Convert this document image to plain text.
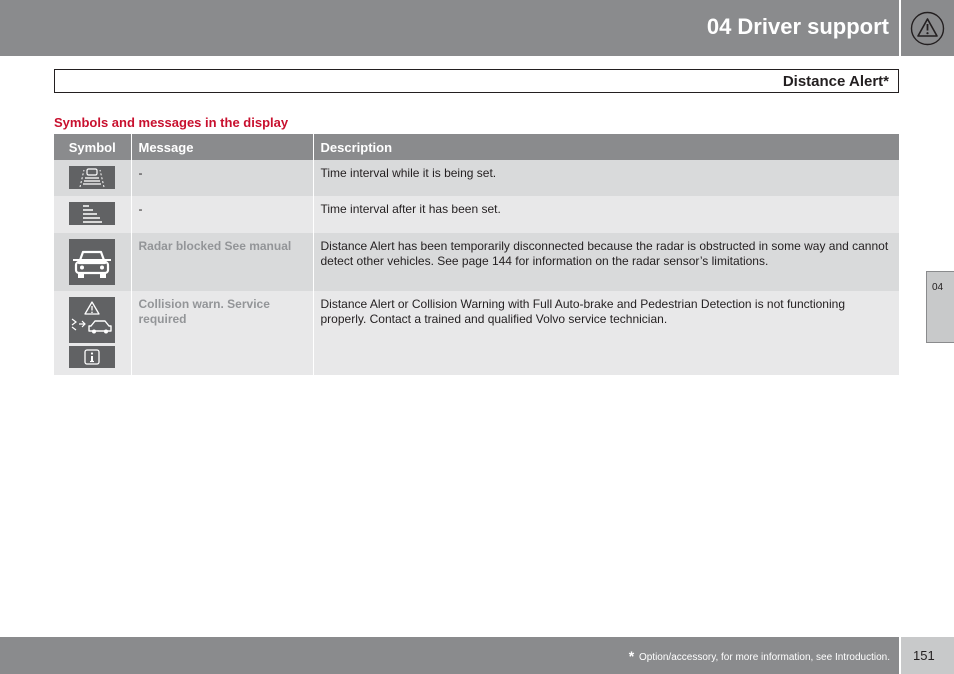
04 Driver support
Distance Alert*
Symbols and messages in the display
Symbol	Message	Description

	-	Time interval while it is being set.

	-	Time interval after it has been set.

	Radar blocked See manual	Distance Alert has been temporarily disconnected because the radar is obstructed in some way and cannot detect other vehicles. See page 144 for information on the radar sensor’s limitations.

	Collision warn. Service required	Distance Alert or Collision Warning with Full Auto-brake and Pedestrian Detection is not functioning properly. Contact a trained and qualified Volvo service technician.
04
* Option/accessory, for more information, see Introduction. 151
